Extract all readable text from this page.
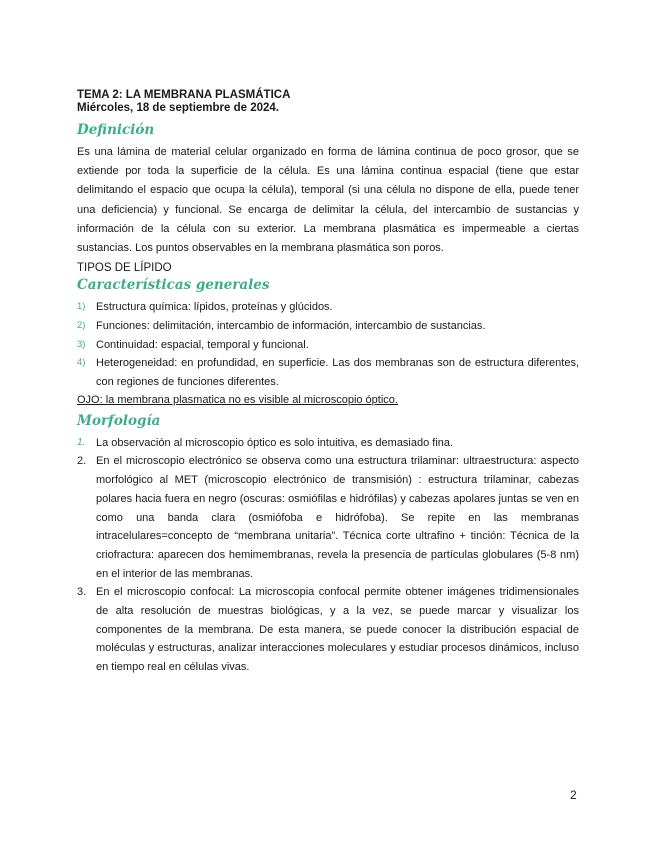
TEMA 2: LA MEMBRANA PLASMÁTICA

Miércoles, 18 de septiembre de 2024.

Definición

Es una lámina de material celular organizado en forma de lámina continua de poco grosor, que se extiende por toda la superficie de la célula. Es una lámina continua espacial (tiene que estar delimitando el espacio que ocupa la célula), temporal (si una célula no dispone de ella, puede tener una deficiencia) y funcional. Se encarga de delimitar la célula, del intercambio de sustancias y información de la célula con su exterior. La membrana plasmática es impermeable a ciertas sustancias. Los puntos observables en la membrana plasmática son poros.

TIPOS DE LÍPIDO

Características generales
1) Estructura química: lípidos, proteínas y glúcidos.
2) Funciones: delimitación, intercambio de información, intercambio de sustancias.
3) Continuidad: espacial, temporal y funcional.
4) Heterogeneidad: en profundidad, en superficie. Las dos membranas son de estructura diferentes, con regiones de funciones diferentes.

OJO: la membrana plasmatica no es visible al microscopio óptico.

Morfología
1. La observación al microscopio óptico es solo intuitiva, es demasiado fina.
2. En el microscopio electrónico se observa como una estructura trilaminar: ultraestructura: aspecto morfológico al MET (microscopio electrónico de transmisión) : estructura trilaminar, cabezas polares hacia fuera en negro (oscuras: osmiófilas e hidrófilas) y cabezas apolares juntas se ven en como una banda clara (osmiófoba e hidrófoba). Se repite en las membranas intracelulares=concepto de “membrana unitaria”. Técnica corte ultrafino + tinción: Técnica de la criofractura: aparecen dos hemimembranas, revela la presencia de partículas globulares (5-8 nm) en el interior de las membranas.
3. En el microscopio confocal: La microscopia confocal permite obtener imágenes tridimensionales de alta resolución de muestras biológicas, y a la vez, se puede marcar y visualizar los componentes de la membrana. De esta manera, se puede conocer la distribución espacial de moléculas y estructuras, analizar interacciones moleculares y estudiar procesos dinámicos, incluso en tiempo real en células vivas.
2
